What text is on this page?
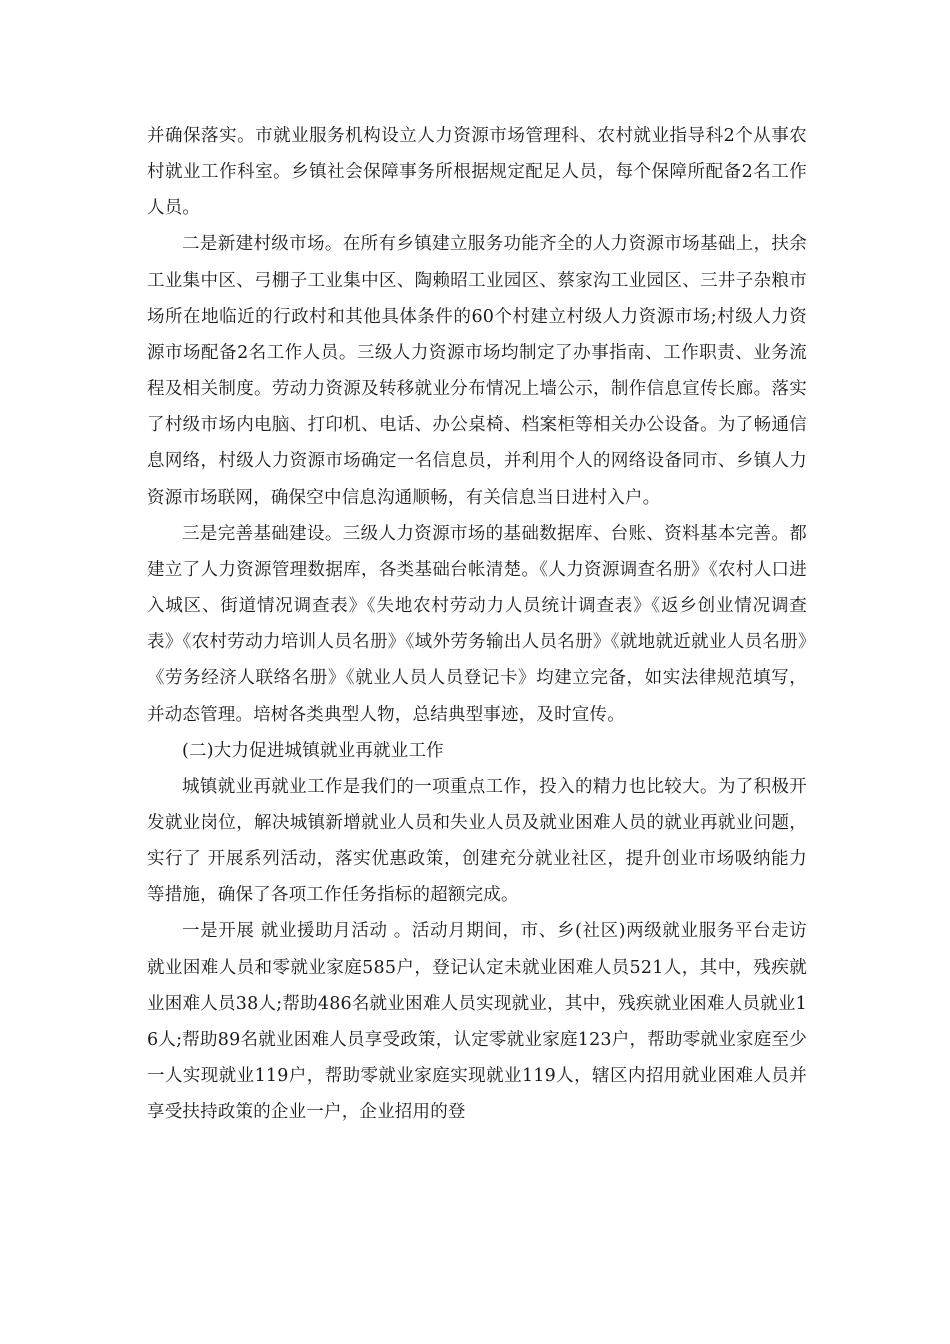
并确保落实。市就业服务机构设立人力资源市场管理科、农村就业指导科2个从事农村就业工作科室。乡镇社会保障事务所根据规定配足人员，每个保障所配备2名工作人员。

二是新建村级市场。在所有乡镇建立服务功能齐全的人力资源市场基础上，扶余工业集中区、弓棚子工业集中区、陶赖昭工业园区、蔡家沟工业园区、三井子杂粮市场所在地临近的行政村和其他具体条件的60个村建立村级人力资源市场;村级人力资源市场配备2名工作人员。三级人力资源市场均制定了办事指南、工作职责、业务流程及相关制度。劳动力资源及转移就业分布情况上墙公示，制作信息宣传长廊。落实了村级市场内电脑、打印机、电话、办公桌椅、档案柜等相关办公设备。为了畅通信息网络，村级人力资源市场确定一名信息员，并利用个人的网络设备同市、乡镇人力资源市场联网，确保空中信息沟通顺畅，有关信息当日进村入户。

三是完善基础建设。三级人力资源市场的基础数据库、台账、资料基本完善。都建立了人力资源管理数据库，各类基础台帐清楚。《人力资源调查名册》《农村人口进入城区、街道情况调查表》《失地农村劳动力人员统计调查表》《返乡创业情况调查表》《农村劳动力培训人员名册》《域外劳务输出人员名册》《就地就近就业人员名册》《劳务经济人联络名册》《就业人员人员登记卡》均建立完备，如实法律规范填写，并动态管理。培树各类典型人物，总结典型事迹，及时宣传。

(二)大力促进城镇就业再就业工作

城镇就业再就业工作是我们的一项重点工作，投入的精力也比较大。为了积极开发就业岗位，解决城镇新增就业人员和失业人员及就业困难人员的就业再就业问题，实行了 开展系列活动，落实优惠政策，创建充分就业社区，提升创业市场吸纳能力 等措施，确保了各项工作任务指标的超额完成。

一是开展 就业援助月活动 。活动月期间，市、乡(社区)两级就业服务平台走访就业困难人员和零就业家庭585户，登记认定未就业困难人员521人，其中，残疾就业困难人员38人;帮助486名就业困难人员实现就业，其中，残疾就业困难人员就业16人;帮助89名就业困难人员享受政策，认定零就业家庭123户，帮助零就业家庭至少一人实现就业119户，帮助零就业家庭实现就业119人，辖区内招用就业困难人员并享受扶持政策的企业一户，企业招用的登
